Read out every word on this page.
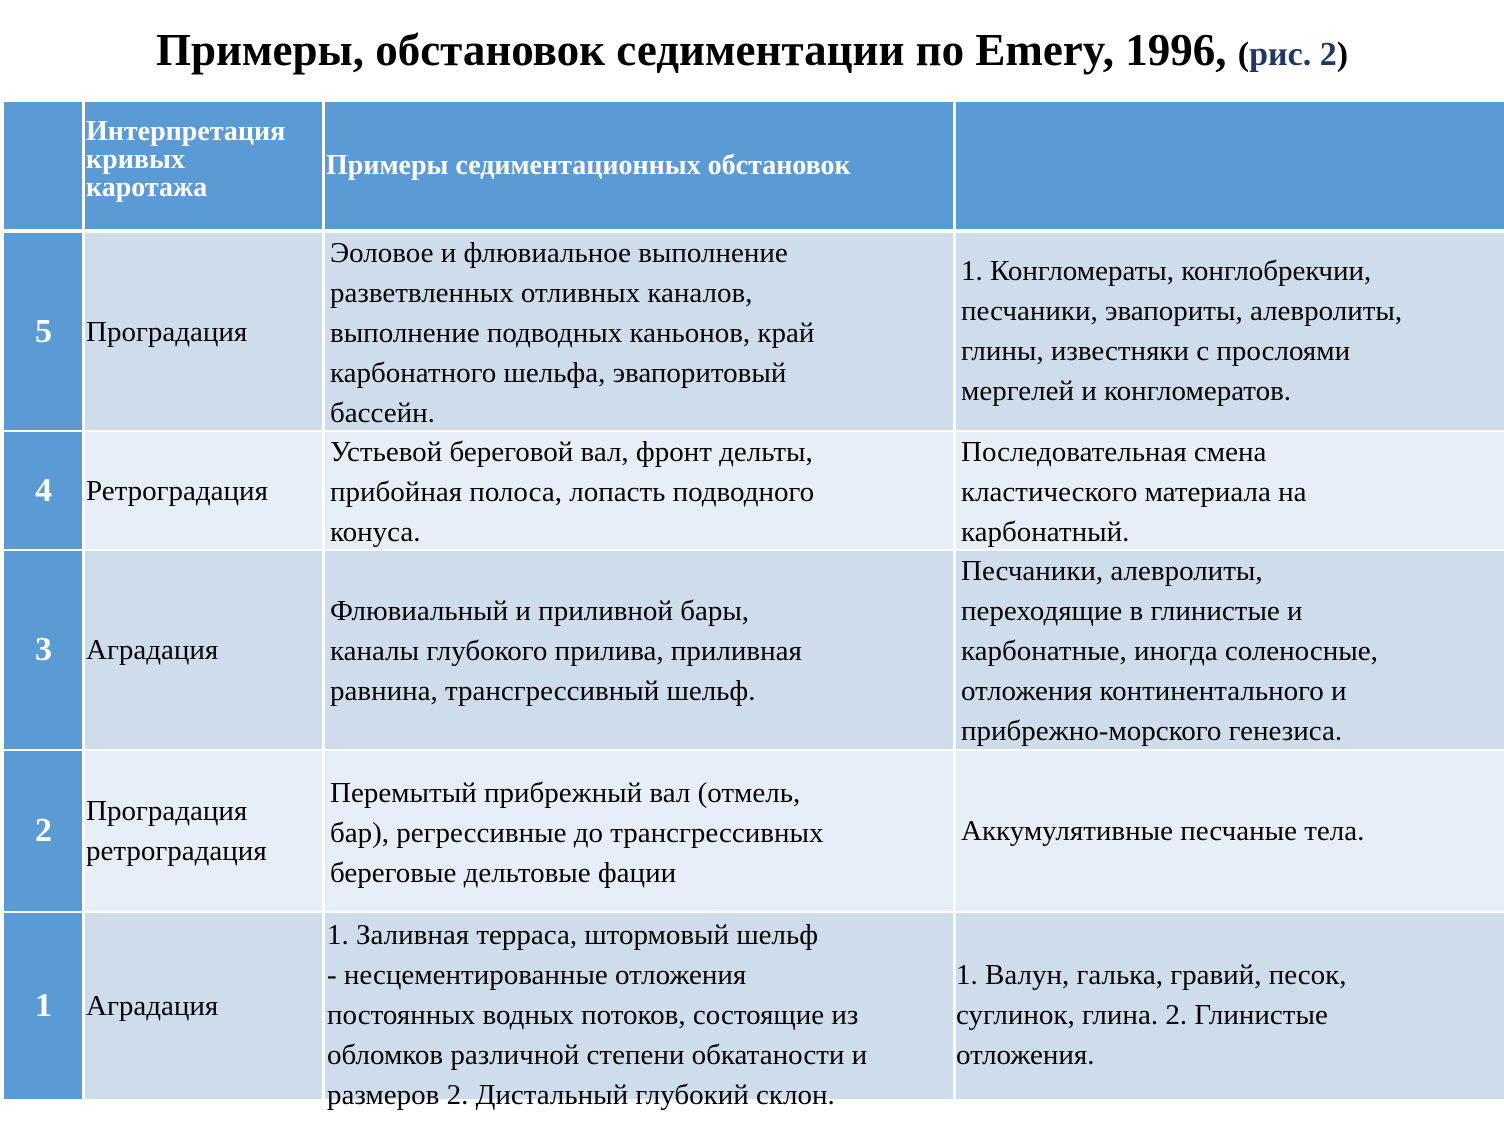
Примеры, обстановок седиментации по Emery, 1996, (рис. 2)
Интерпретация
кривых
каротажа
Примеры седиментационных обстановок
5 Проградация
Эоловое и флювиальное выполнение
разветвленных отливных каналов,
выполнение подводных каньонов, край
карбонатного шельфа, эвапоритовый
бассейн.
1. Конгломераты, конглобрекчии,
песчаники, эвапориты, алевролиты,
глины, известняки с прослоями
мергелей и конгломератов.
4 Ретроградация
Устьевой береговой вал, фронт дельты,
прибойная полоса, лопасть подводного
конуса.
Последовательная смена
кластического материала на
карбонатный.
3 Аградация
Флювиальный и приливной бары,
каналы глубокого прилива, приливная
равнина, трансгрессивный шельф.
Песчаники, алевролиты,
переходящие в глинистые и
карбонатные, иногда соленосные,
отложения континентального и
прибрежно-морского генезиса.
2
Проградация
ретроградация
Перемытый прибрежный вал (отмель,
бар), регрессивные до трансгрессивных
береговые дельтовые фации
Аккумулятивные песчаные тела.
1 Аградация
1. Заливная терраса, штормовый шельф
- несцементированные отложения
постоянных водных потоков, состоящие из
обломков различной степени обкатаности и
размеров 2. Дистальный глубокий склон.
1. Валун, галька, гравий, песок,
суглинок, глина. 2. Глинистые
отложения.
